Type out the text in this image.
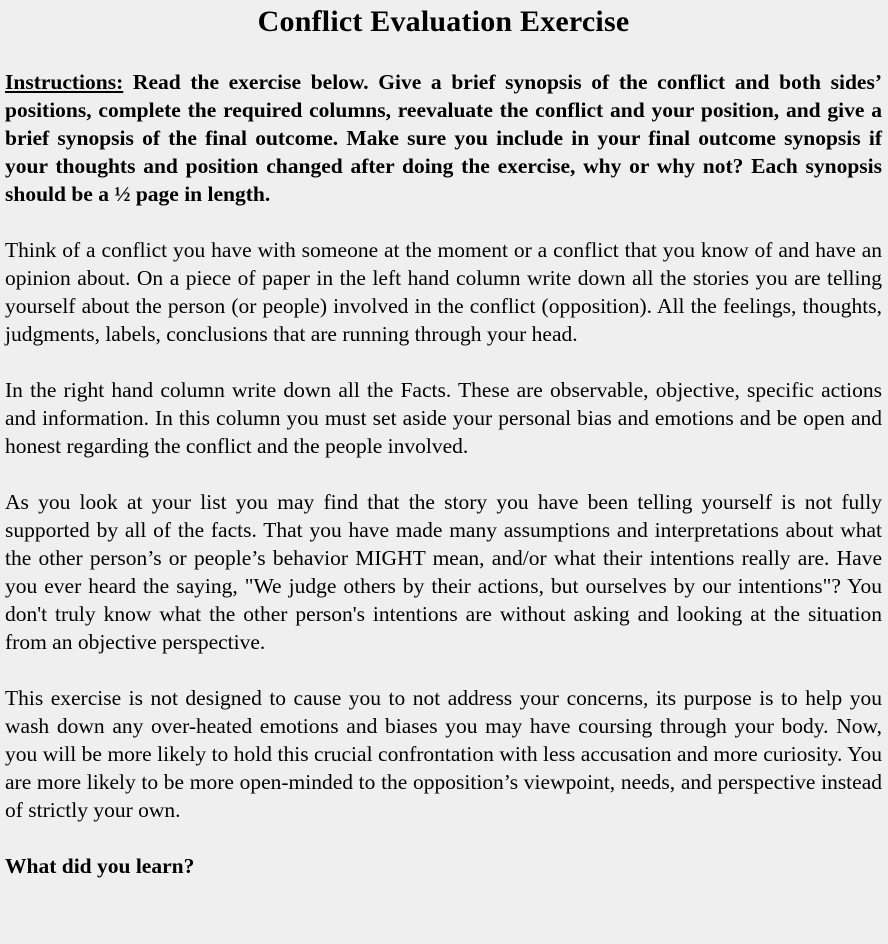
Conflict Evaluation Exercise

Instructions: Read the exercise below. Give a brief synopsis of the conflict and both sides’ positions, complete the required columns, reevaluate the conflict and your position, and give a brief synopsis of the final outcome. Make sure you include in your final outcome synopsis if your thoughts and position changed after doing the exercise, why or why not? Each synopsis should be a ½ page in length.

Think of a conflict you have with someone at the moment or a conflict that you know of and have an opinion about. On a piece of paper in the left hand column write down all the stories you are telling yourself about the person (or people) involved in the conflict (opposition). All the feelings, thoughts, judgments, labels, conclusions that are running through your head.

In the right hand column write down all the Facts. These are observable, objective, specific actions and information. In this column you must set aside your personal bias and emotions and be open and honest regarding the conflict and the people involved.

As you look at your list you may find that the story you have been telling yourself is not fully supported by all of the facts. That you have made many assumptions and interpretations about what the other person’s or people’s behavior MIGHT mean, and/or what their intentions really are. Have you ever heard the saying, "We judge others by their actions, but ourselves by our intentions"? You don't truly know what the other person's intentions are without asking and looking at the situation from an objective perspective.

This exercise is not designed to cause you to not address your concerns, its purpose is to help you wash down any over-heated emotions and biases you may have coursing through your body. Now, you will be more likely to hold this crucial confrontation with less accusation and more curiosity. You are more likely to be more open-minded to the opposition’s viewpoint, needs, and perspective instead of strictly your own.

What did you learn?
